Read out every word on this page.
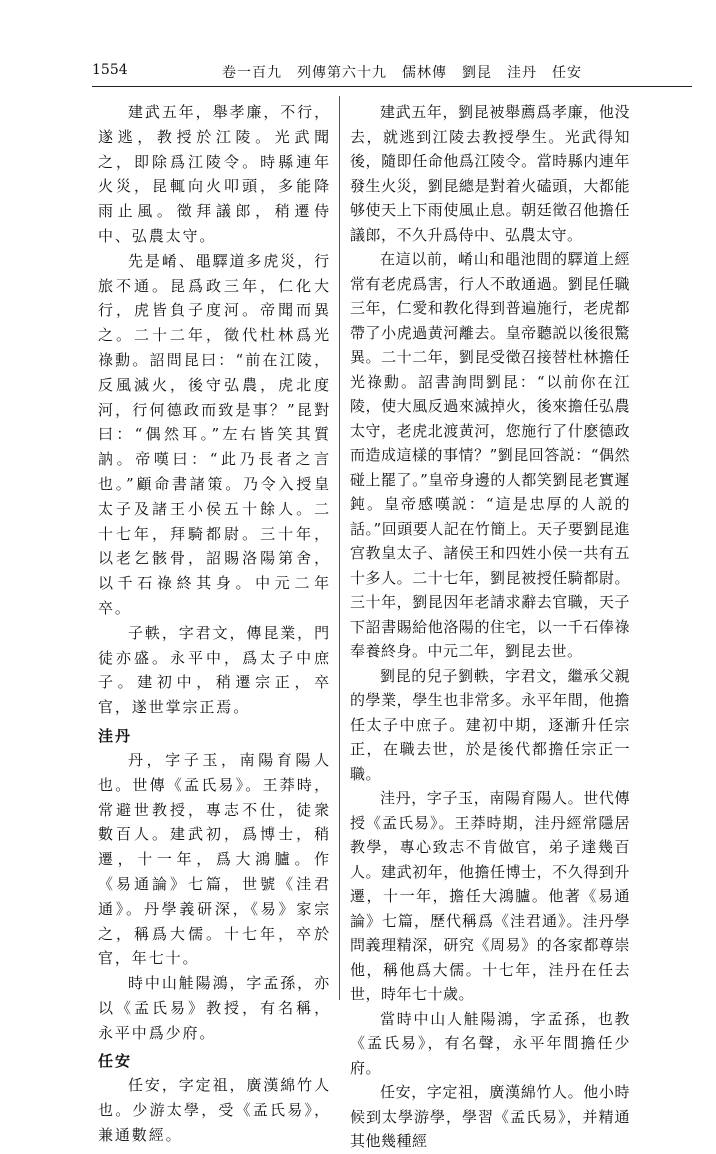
1554	卷一百九　列傳第六十九　儒林傳　劉昆　洼丹　任安

建武五年，舉孝廉，不行，遂逃，教授於江陵。光武聞之，即除爲江陵令。時縣連年火災，昆輒向火叩頭，多能降雨止風。徵拜議郎，稍遷侍中、弘農太守。

先是崤、黽驛道多虎災，行旅不通。昆爲政三年，仁化大行，虎皆負子度河。帝聞而異之。二十二年，徵代杜林爲光祿勳。詔問昆曰：“前在江陵，反風滅火，後守弘農，虎北度河，行何德政而致是事？”昆對曰：“偶然耳。”左右皆笑其質訥。帝嘆曰：“此乃長者之言也。”顧命書諸策。乃令入授皇太子及諸王小侯五十餘人。二十七年，拜騎都尉。三十年，以老乞骸骨，詔賜洛陽第舍，以千石祿終其身。中元二年卒。

子軼，字君文，傳昆業，門徒亦盛。永平中，爲太子中庶子。建初中，稍遷宗正，卒官，遂世掌宗正焉。

洼丹

丹，字子玉，南陽育陽人也。世傳《孟氏易》。王莽時，常避世教授，專志不仕，徒衆數百人。建武初，爲博士，稍遷，十一年，爲大鴻臚。作《易通論》七篇，世號《洼君通》。丹學義研深，《易》家宗之，稱爲大儒。十七年，卒於官，年七十。

時中山觟陽鴻，字孟孫，亦以《孟氏易》教授，有名稱，永平中爲少府。

任安

任安，字定祖，廣漢綿竹人也。少游太學，受《孟氏易》，兼通數經。

建武五年，劉昆被舉薦爲孝廉，他没去，就逃到江陵去教授學生。光武得知後，隨即任命他爲江陵令。當時縣内連年發生火災，劉昆總是對着火磕頭，大都能够使天上下雨使風止息。朝廷徵召他擔任議郎，不久升爲侍中、弘農太守。

在這以前，崤山和黽池間的驛道上經常有老虎爲害，行人不敢通過。劉昆任職三年，仁愛和教化得到普遍施行，老虎都帶了小虎過黄河離去。皇帝聽説以後很驚異。二十二年，劉昆受徵召接替杜林擔任光祿勳。詔書詢問劉昆：“以前你在江陵，使大風反過來滅掉火，後來擔任弘農太守，老虎北渡黄河，您施行了什麽德政而造成這樣的事情？”劉昆回答説：“偶然碰上罷了。”皇帝身邊的人都笑劉昆老實遲鈍。皇帝感嘆説：“這是忠厚的人説的話。”回頭要人記在竹簡上。天子要劉昆進宫教皇太子、諸侯王和四姓小侯一共有五十多人。二十七年，劉昆被授任騎都尉。三十年，劉昆因年老請求辭去官職，天子下詔書賜給他洛陽的住宅，以一千石俸祿奉養終身。中元二年，劉昆去世。

劉昆的兒子劉軼，字君文，繼承父親的學業，學生也非常多。永平年間，他擔任太子中庶子。建初中期，逐漸升任宗正，在職去世，於是後代都擔任宗正一職。

洼丹，字子玉，南陽育陽人。世代傳授《孟氏易》。王莽時期，洼丹經常隱居教學，專心致志不肯做官，弟子達幾百人。建武初年，他擔任博士，不久得到升遷，十一年，擔任大鴻臚。他著《易通論》七篇，歷代稱爲《洼君通》。洼丹學問義理精深，研究《周易》的各家都尊崇他，稱他爲大儒。十七年，洼丹在任去世，時年七十歲。

當時中山人觟陽鴻，字孟孫，也教《孟氏易》，有名聲，永平年間擔任少府。

任安，字定祖，廣漢綿竹人。他小時候到太學游學，學習《孟氏易》，并精通其他幾種經
